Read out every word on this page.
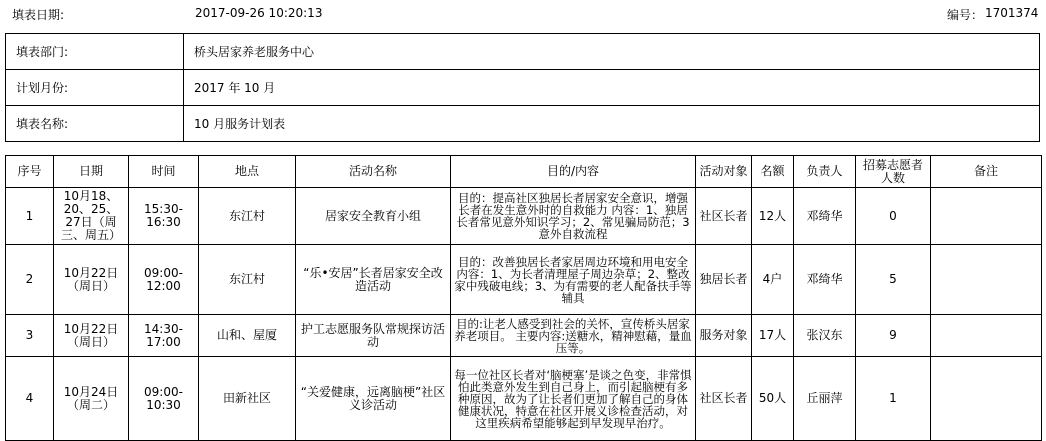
填表日期:	2017-09-26 10:20:13	编号： 1701374
填表部门:	桥头居家养老服务中心
计划月份:	2017 年 10 月
填表名称:	10 月服务计划表
序号	日期	时间	地点	活动名称	目的/内容	活动对象	名额	负责人	招募志愿者人数	备注
1	10月18、20、25、27日（周三、周五）	15:30-16:30	东江村	居家安全教育小组	目的：提高社区独居长者居家安全意识，增强长者在发生意外时的自救能力 内容：1、独居长者常见意外知识学习；2、常见骗局防范；3 意外自救流程	社区长者	12人	邓绮华	0	
2	10月22日（周日）	09:00-12:00	东江村	“乐•安居”长者居家安全改造活动	目的：改善独居长者家居周边环境和用电安全 内容：1、为长者清理屋子周边杂草；2、整改家中残破电线；3、为有需要的老人配备扶手等辅具	独居长者	4户	邓绮华	5	
3	10月22日（周日）	14:30-17:00	山和、屋厦	护工志愿服务队常规探访活动	目的:让老人感受到社会的关怀，宣传桥头居家养老项目。 主要内容:送糖水，精神慰藉，量血压等。	服务对象	17人	张汉东	9	
4	10月24日（周二）	09:00-10:30	田新社区	“关爱健康，远离脑梗”社区义诊活动	每一位社区长者对‘脑梗塞’是谈之色变，非常惧怕此类意外发生到自己身上，而引起脑梗有多种原因，故为了让长者们更加了解自己的身体健康状况，特意在社区开展义诊检查活动，对这里疾病希望能够起到早发现早治疗。	社区长者	50人	丘丽萍	1	
